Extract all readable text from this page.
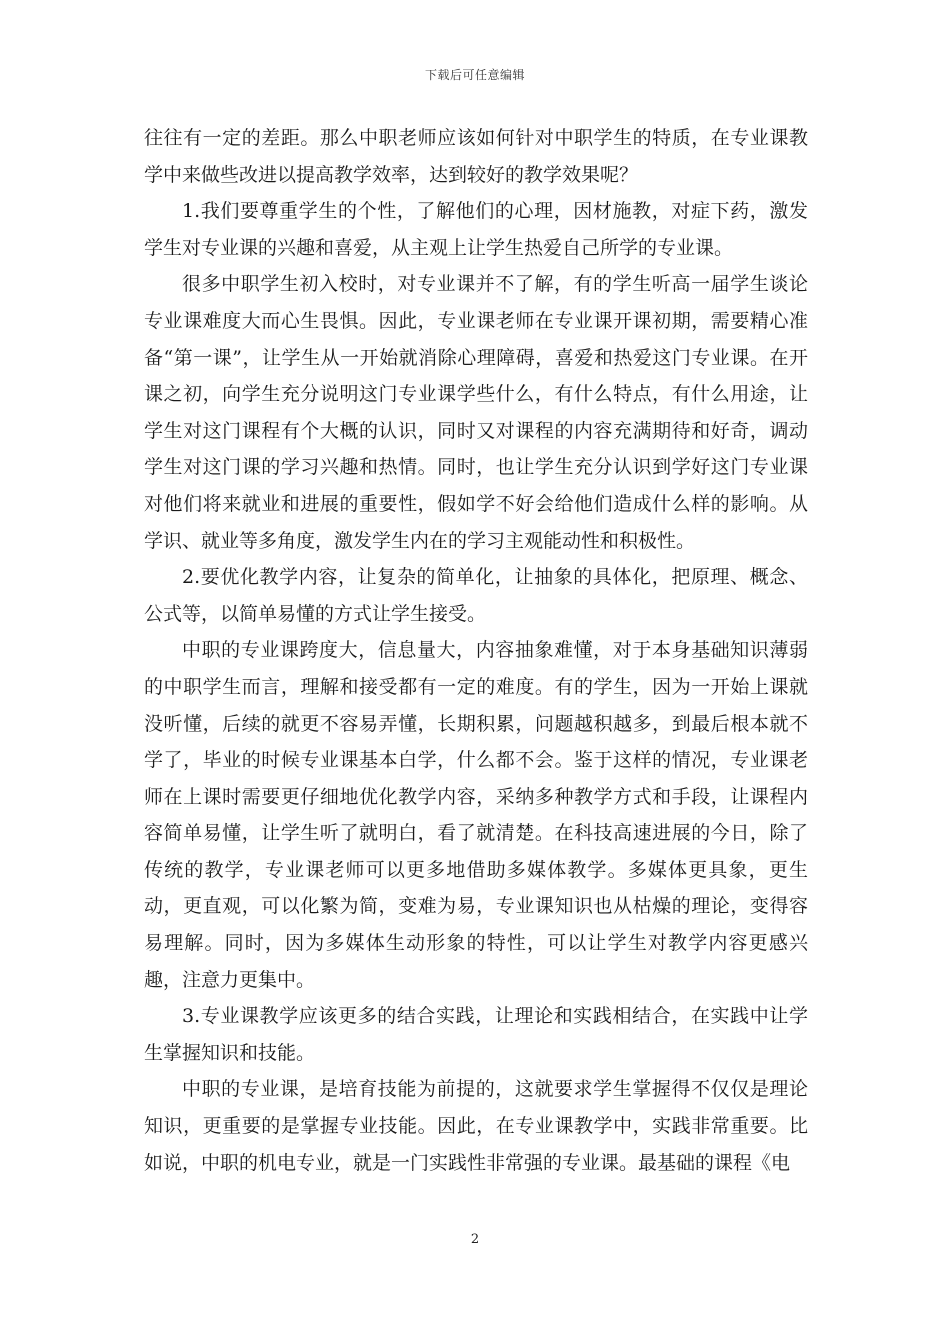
下载后可任意编辑

往往有一定的差距。那么中职老师应该如何针对中职学生的特质，在专业课教学中来做些改进以提高教学效率，达到较好的教学效果呢？

1.我们要尊重学生的个性，了解他们的心理，因材施教，对症下药，激发学生对专业课的兴趣和喜爱，从主观上让学生热爱自己所学的专业课。

很多中职学生初入校时，对专业课并不了解，有的学生听高一届学生谈论专业课难度大而心生畏惧。因此，专业课老师在专业课开课初期，需要精心准备“第一课”，让学生从一开始就消除心理障碍，喜爱和热爱这门专业课。在开课之初，向学生充分说明这门专业课学些什么，有什么特点，有什么用途，让学生对这门课程有个大概的认识，同时又对课程的内容充满期待和好奇，调动学生对这门课的学习兴趣和热情。同时，也让学生充分认识到学好这门专业课对他们将来就业和进展的重要性，假如学不好会给他们造成什么样的影响。从学识、就业等多角度，激发学生内在的学习主观能动性和积极性。

2.要优化教学内容，让复杂的简单化，让抽象的具体化，把原理、概念、公式等，以简单易懂的方式让学生接受。

中职的专业课跨度大，信息量大，内容抽象难懂，对于本身基础知识薄弱的中职学生而言，理解和接受都有一定的难度。有的学生，因为一开始上课就没听懂，后续的就更不容易弄懂，长期积累，问题越积越多，到最后根本就不学了，毕业的时候专业课基本白学，什么都不会。鉴于这样的情况，专业课老师在上课时需要更仔细地优化教学内容，采纳多种教学方式和手段，让课程内容简单易懂，让学生听了就明白，看了就清楚。在科技高速进展的今日，除了传统的教学，专业课老师可以更多地借助多媒体教学。多媒体更具象，更生动，更直观，可以化繁为简，变难为易，专业课知识也从枯燥的理论，变得容易理解。同时，因为多媒体生动形象的特性，可以让学生对教学内容更感兴趣，注意力更集中。

3.专业课教学应该更多的结合实践，让理论和实践相结合，在实践中让学生掌握知识和技能。

中职的专业课，是培育技能为前提的，这就要求学生掌握得不仅仅是理论知识，更重要的是掌握专业技能。因此，在专业课教学中，实践非常重要。比如说，中职的机电专业，就是一门实践性非常强的专业课。最基础的课程《电

2
